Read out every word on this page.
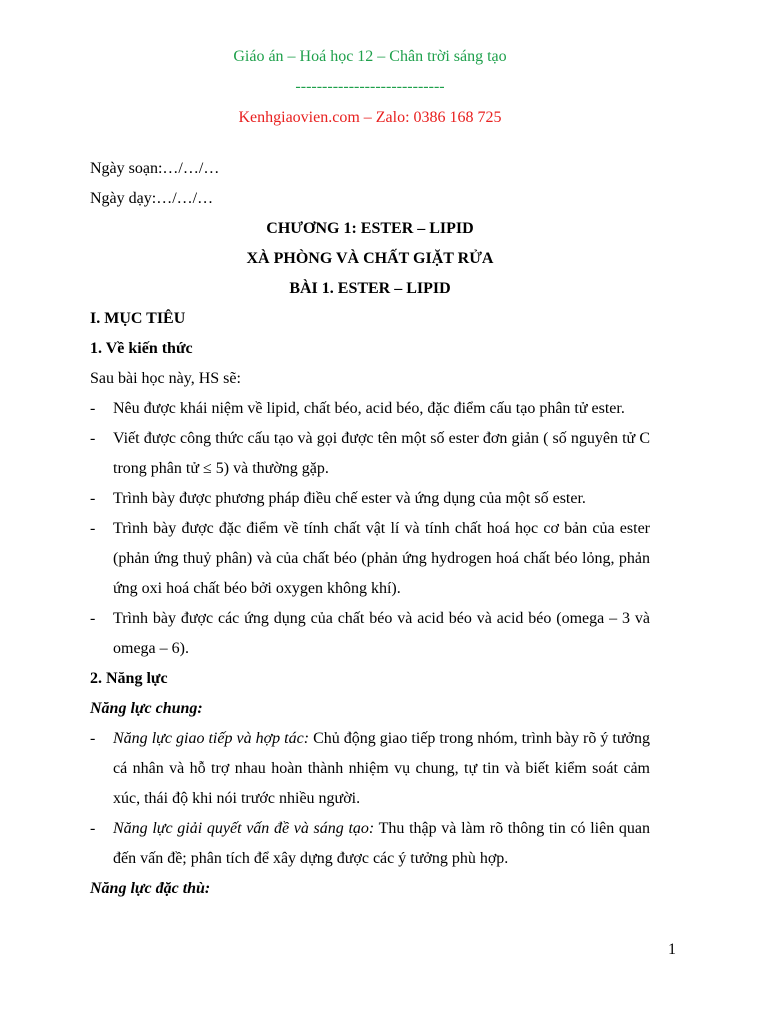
Giáo án – Hoá học 12 – Chân trời sáng tạo
----------------------------
Kenhgiaovien.com – Zalo: 0386 168 725
Ngày soạn:…/…/…
Ngày dạy:…/…/…
CHƯƠNG 1: ESTER – LIPID
XÀ PHÒNG VÀ CHẤT GIẶT RỬA
BÀI 1. ESTER – LIPID
I. MỤC TIÊU
1. Về kiến thức
Sau bài học này, HS sẽ:
- Nêu được khái niệm về lipid, chất béo, acid béo, đặc điểm cấu tạo phân tử ester.
- Viết được công thức cấu tạo và gọi được tên một số ester đơn giản ( số nguyên tử C trong phân tử ≤ 5) và thường gặp.
- Trình bày được phương pháp điều chế ester và ứng dụng của một số ester.
- Trình bày được đặc điểm về tính chất vật lí và tính chất hoá học cơ bản của ester (phản ứng thuỷ phân) và của chất béo (phản ứng hydrogen hoá chất béo lỏng, phản ứng oxi hoá chất béo bởi oxygen không khí).
- Trình bày được các ứng dụng của chất béo và acid béo và acid béo (omega – 3 và omega – 6).
2. Năng lực
Năng lực chung:
- Năng lực giao tiếp và hợp tác: Chủ động giao tiếp trong nhóm, trình bày rõ ý tưởng cá nhân và hỗ trợ nhau hoàn thành nhiệm vụ chung, tự tin và biết kiểm soát cảm xúc, thái độ khi nói trước nhiều người.
- Năng lực giải quyết vấn đề và sáng tạo: Thu thập và làm rõ thông tin có liên quan đến vấn đề; phân tích để xây dựng được các ý tưởng phù hợp.
Năng lực đặc thù:
1
